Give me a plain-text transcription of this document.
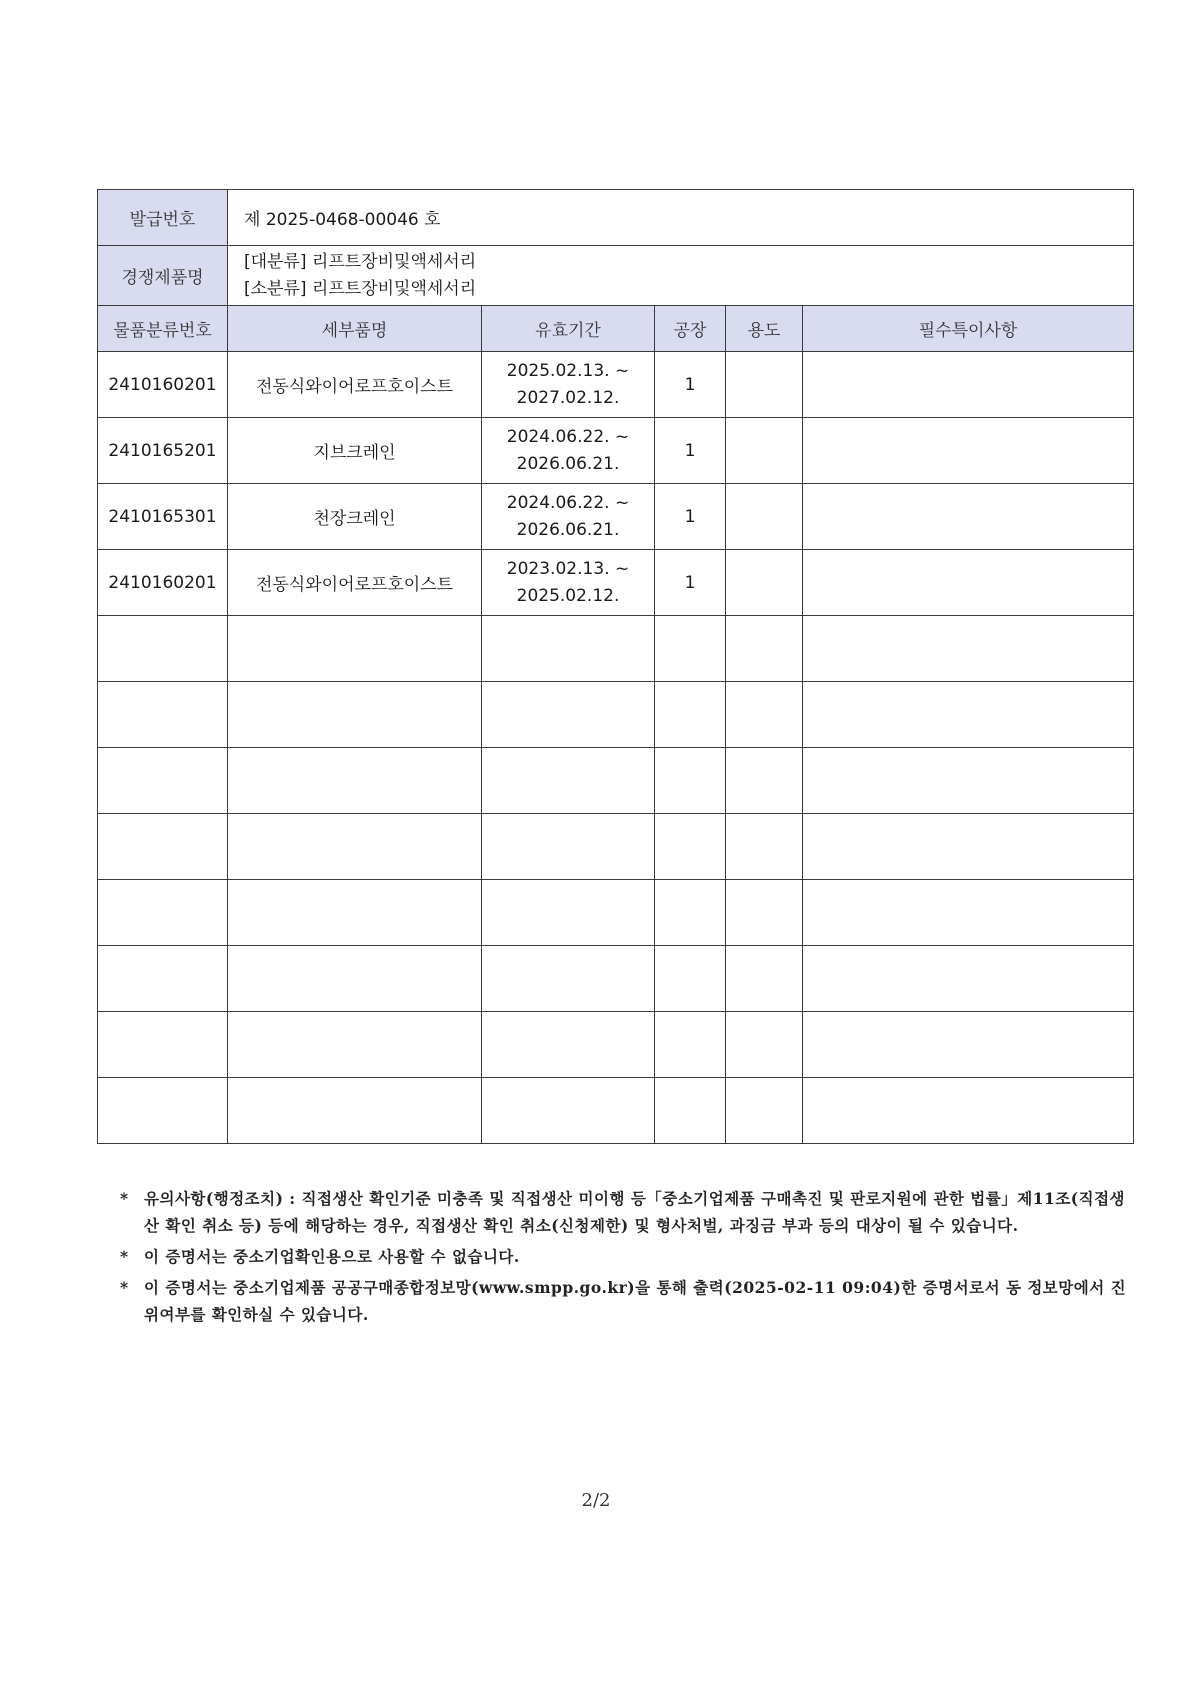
발급번호	제 2025-0468-00046 호				
경쟁제품명	[대분류] 리프트장비및액세서리
[소분류] 리프트장비및액세서리				

물품분류번호	세부품명	유효기간	공장	용도	필수특이사항
2410160201	전동식와이어로프호이스트	2025.02.13. ~
2027.02.12.	1		
2410165201	지브크레인	2024.06.22. ~
2026.06.21.	1		
2410165301	천장크레인	2024.06.22. ~
2026.06.21.	1		
2410160201	전동식와이어로프호이스트	2023.02.13. ~
2025.02.12.	1		

* 유의사항(행정조치) : 직접생산 확인기준 미충족 및 직접생산 미이행 등「중소기업제품 구매촉진 및 판로지원에 관한 법률」제11조(직접생산 확인 취소 등) 등에 해당하는 경우, 직접생산 확인 취소(신청제한) 및 형사처벌, 과징금 부과 등의 대상이 될 수 있습니다.
* 이 증명서는 중소기업확인용으로 사용할 수 없습니다.
* 이 증명서는 중소기업제품 공공구매종합정보망(www.smpp.go.kr)을 통해 출력(2025-02-11 09:04)한 증명서로서 동 정보망에서 진위여부를 확인하실 수 있습니다.
2/2
